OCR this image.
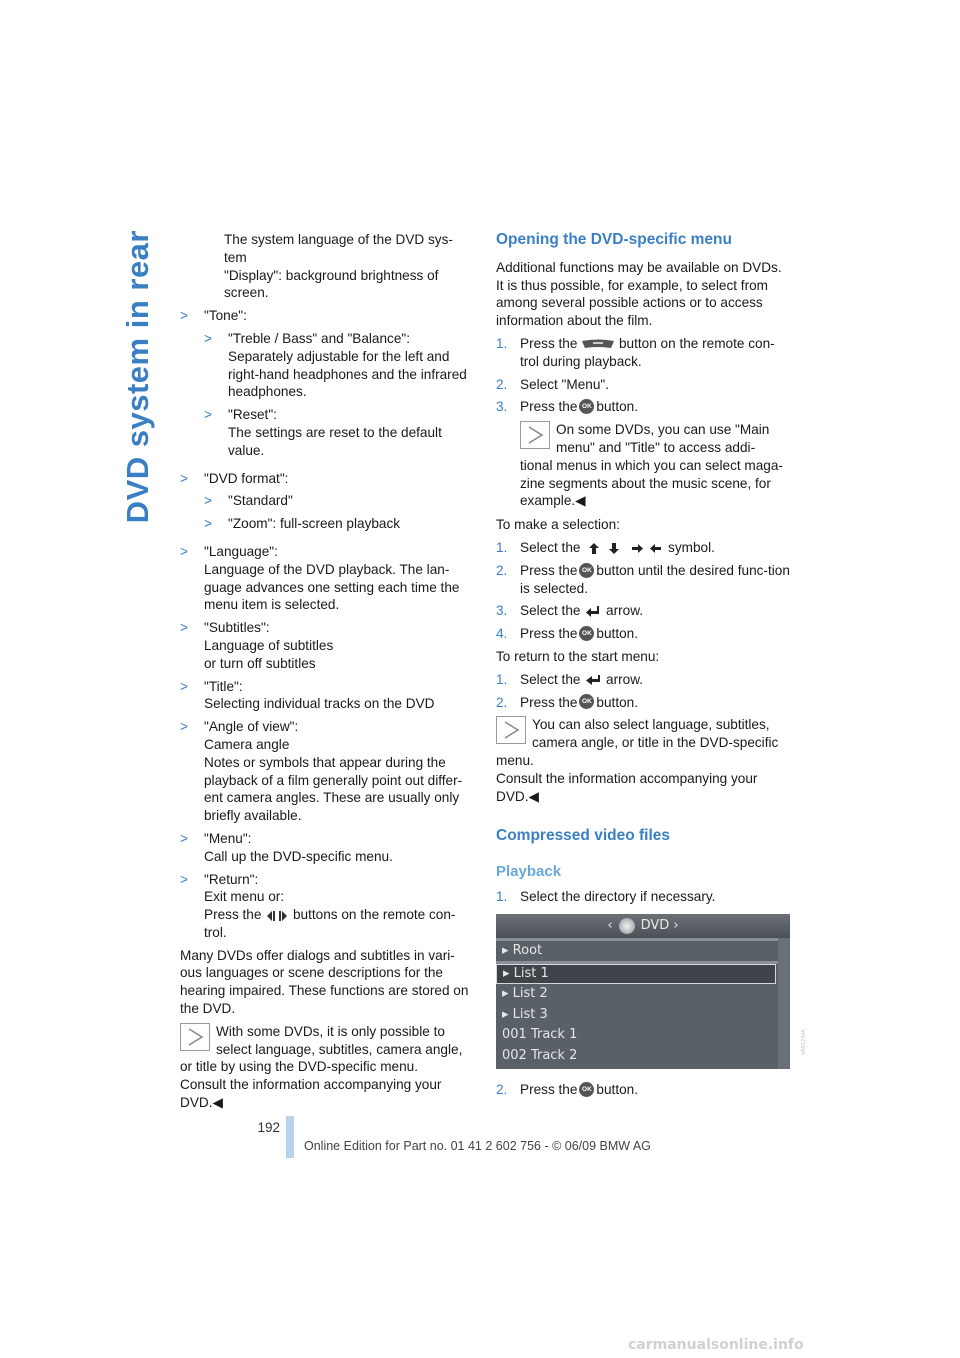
DVD system in rear	The system language of the DVD sys-tem

"Display": background brightness of screen.

>	"Tone":

>	"Treble / Bass" and "Balance": Separately adjustable for the left and right-hand headphones and the infrared headphones.

>	"Reset":

The settings are reset to the default value.

>	"DVD format":

>	"Standard"

>	"Zoom": full-screen playback

>	"Language":

Language of the DVD playback. The lan-guage advances one setting each time the menu item is selected.

>	"Subtitles":

Language of subtitles

or turn off subtitles

>	"Title":

Selecting individual tracks on the DVD

>	"Angle of view":

Camera angle

Notes or symbols that appear during the playback of a film generally point out differ-ent camera angles. These are usually only briefly available.

>	"Menu":

Call up the DVD-specific menu.

>	"Return":

Exit menu or:

Press the buttons on the remote con-trol.

Many DVDs offer dialogs and subtitles in vari-ous languages or scene descriptions for the hearing impaired. These functions are stored on the DVD.

With some DVDs, it is only possible to

select language, subtitles, camera angle,

or title by using the DVD-specific menu.

Consult the information accompanying your DVD.◀

Opening the DVD-specific menu

Additional functions may be available on DVDs. It is thus possible, for example, to select from among several possible actions or to access information about the film.

1. Press the	button on the remote con-trol during playback.

2. Select "Menu".

3. Press the OK button.

On some DVDs, you can use "Main

menu" and "Title" to access addi-

tional menus in which you can select maga-zine segments about the music scene, for example.◀

To make a selection:

1. Select the	symbol.

2. Press the OK button until the desired func-tion is selected.

3. Select the arrow.

4. Press the OK button.

To return to the start menu:

1. Select the arrow.

2. Press the OK button.

You can also select language, subtitles,

camera angle, or title in the DVD-specific

menu.

Consult the information accompanying your DVD.◀

Compressed video files
Playback
1. Select the directory if necessary.

‹ DVD ›
▸ Root
▸ List 1
▸ List 2
▸ List 3
001 Track 1
002 Track 2
2. Press the OK button.

VA01234A
192
Online Edition for Part no. 01 41 2 602 756 - © 06/09 BMW AG
carmanualsonline.info
